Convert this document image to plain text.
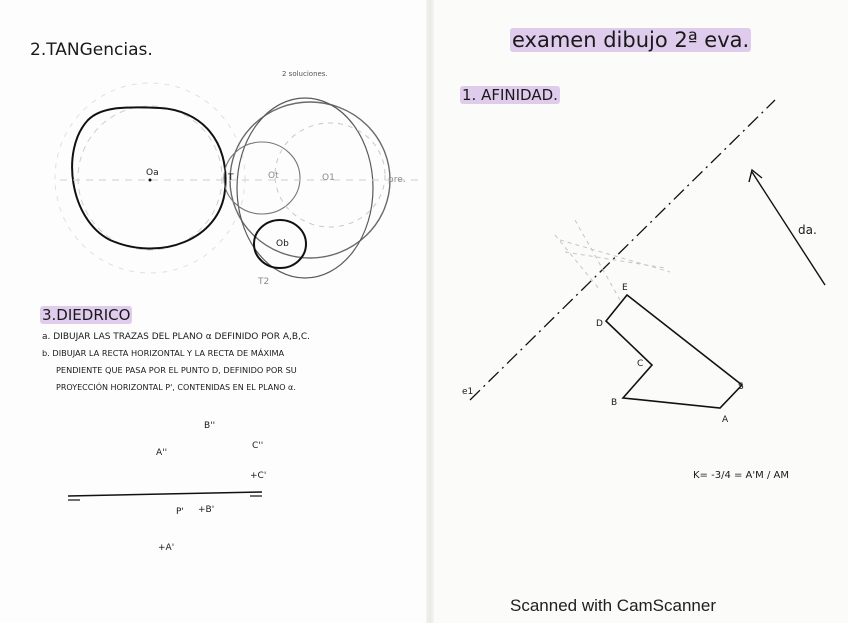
Oa	T	Ot	O1
Ob
T2
pre.
B''
A''
C''
+C'
P' +B'
+A'
E
D
C
B
S
A
e1
da.
K= -3/4 = A'M / AM
2.TANGencias.
2 soluciones.
3.DIEDRICO
a. DIBUJAR LAS TRAZAS DEL PLANO α DEFINIDO POR A,B,C.
b. DIBUJAR LA RECTA HORIZONTAL Y LA RECTA DE MÁXIMA
PENDIENTE QUE PASA POR EL PUNTO D, DEFINIDO POR SU
PROYECCIÓN HORIZONTAL P', CONTENIDAS EN EL PLANO α.
examen dibujo 2ª eva.
1. AFINIDAD.
Scanned with CamScanner
